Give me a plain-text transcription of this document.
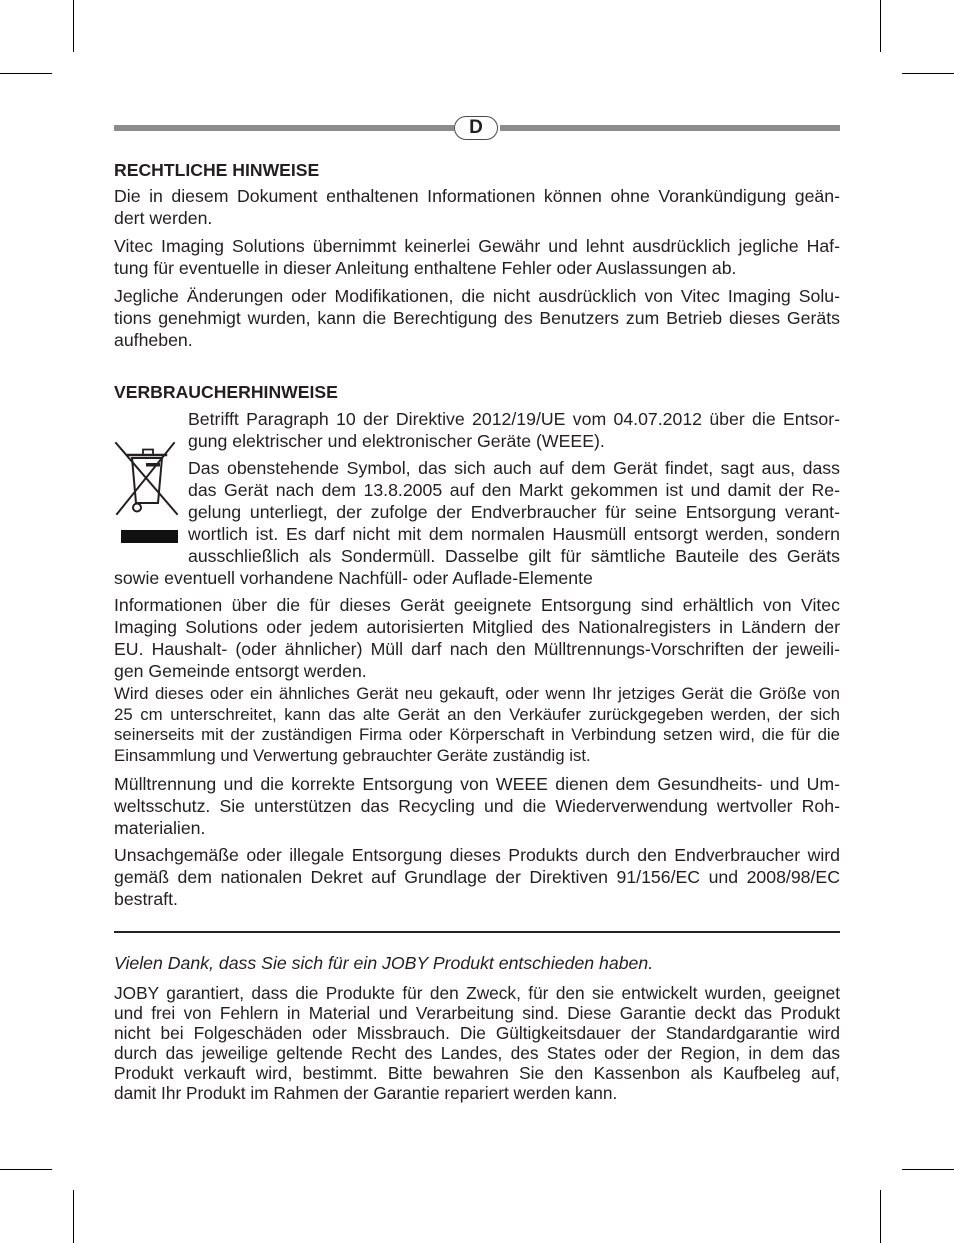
D
RECHTLICHE HINWEISE
Die in diesem Dokument enthaltenen Informationen können ohne Vorankündigung geän-
dert werden.
Vitec Imaging Solutions übernimmt keinerlei Gewähr und lehnt ausdrücklich jegliche Haf-
tung für eventuelle in dieser Anleitung enthaltene Fehler oder Auslassungen ab.
Jegliche Änderungen oder Modifikationen, die nicht ausdrücklich von Vitec Imaging Solu-
tions genehmigt wurden, kann die Berechtigung des Benutzers zum Betrieb dieses Geräts
aufheben.
VERBRAUCHERHINWEISE
Betrifft Paragraph 10 der Direktive 2012/19/UE vom 04.07.2012 über die Entsor-
gung elektrischer und elektronischer Geräte (WEEE).
Das obenstehende Symbol, das sich auch auf dem Gerät findet, sagt aus, dass
das Gerät nach dem 13.8.2005 auf den Markt gekommen ist und damit der Re-
gelung unterliegt, der zufolge der Endverbraucher für seine Entsorgung verant-
wortlich ist. Es darf nicht mit dem normalen Hausmüll entsorgt werden, sondern
ausschließlich als Sondermüll. Dasselbe gilt für sämtliche Bauteile des Geräts
sowie eventuell vorhandene Nachfüll- oder Auflade-Elemente
Informationen über die für dieses Gerät geeignete Entsorgung sind erhältlich von Vitec
Imaging Solutions oder jedem autorisierten Mitglied des Nationalregisters in Ländern der
EU. Haushalt- (oder ähnlicher) Müll darf nach den Mülltrennungs-Vorschriften der jeweili-
gen Gemeinde entsorgt werden.
Wird dieses oder ein ähnliches Gerät neu gekauft, oder wenn Ihr jetziges Gerät die Größe von
25 cm unterschreitet, kann das alte Gerät an den Verkäufer zurückgegeben werden, der sich
seinerseits mit der zuständigen Firma oder Körperschaft in Verbindung setzen wird, die für die
Einsammlung und Verwertung gebrauchter Geräte zuständig ist.
Mülltrennung und die korrekte Entsorgung von WEEE dienen dem Gesundheits- und Um-
weltsschutz. Sie unterstützen das Recycling und die Wiederverwendung wertvoller Roh-
materialien.
Unsachgemäße oder illegale Entsorgung dieses Produkts durch den Endverbraucher wird
gemäß dem nationalen Dekret auf Grundlage der Direktiven 91/156/EC und 2008/98/EC
bestraft.
Vielen Dank, dass Sie sich für ein JOBY Produkt entschieden haben.
JOBY garantiert, dass die Produkte für den Zweck, für den sie entwickelt wurden, geeignet
und frei von Fehlern in Material und Verarbeitung sind. Diese Garantie deckt das Produkt
nicht bei Folgeschäden oder Missbrauch. Die Gültigkeitsdauer der Standardgarantie wird
durch das jeweilige geltende Recht des Landes, des States oder der Region, in dem das
Produkt verkauft wird, bestimmt. Bitte bewahren Sie den Kassenbon als Kaufbeleg auf,
damit Ihr Produkt im Rahmen der Garantie repariert werden kann.
